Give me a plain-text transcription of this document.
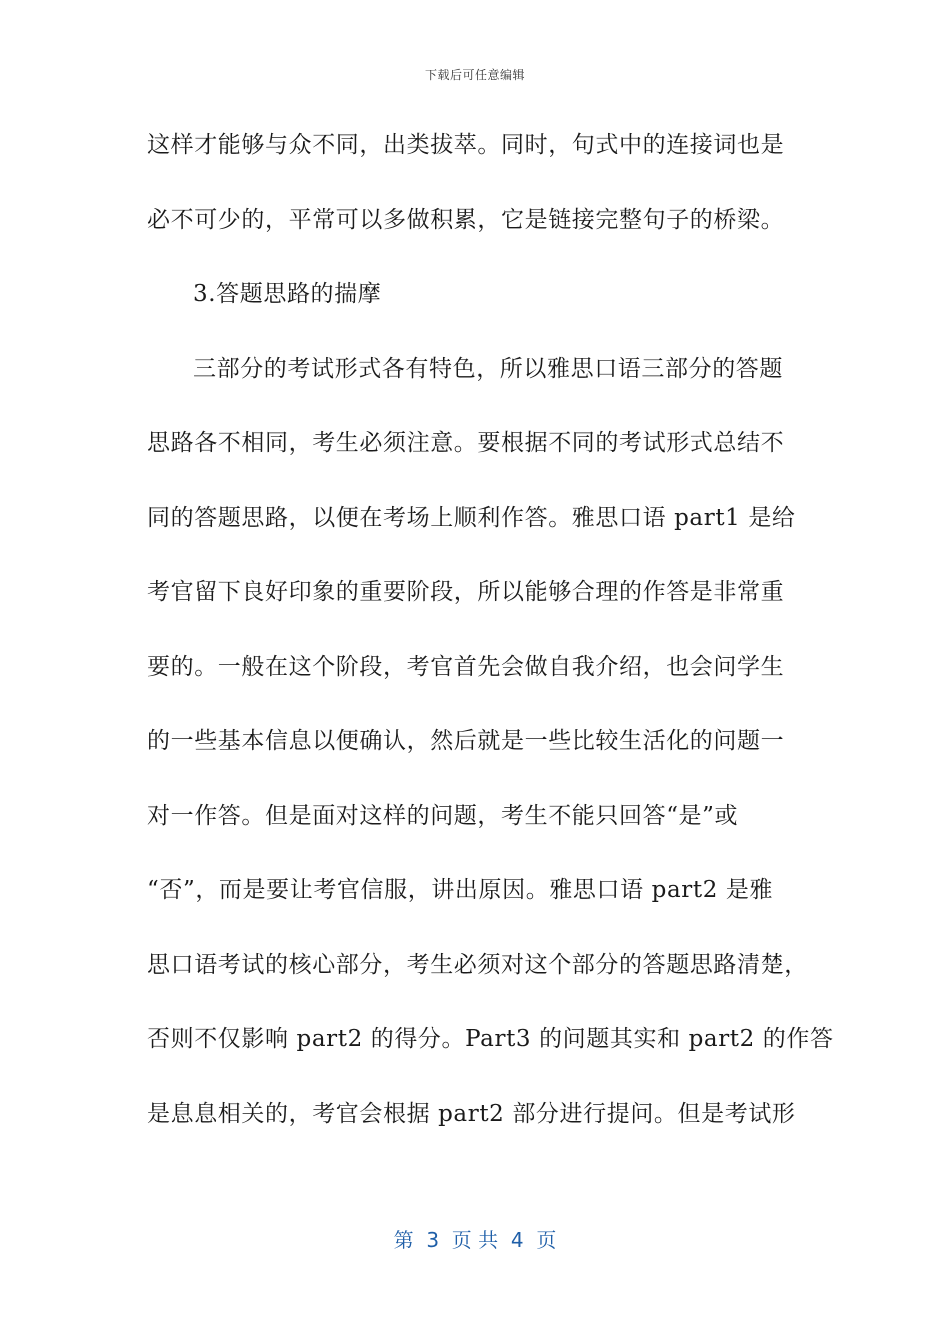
下载后可任意编辑
这样才能够与众不同，出类拔萃。同时，句式中的连接词也是
必不可少的，平常可以多做积累，它是链接完整句子的桥梁。
3.答题思路的揣摩
三部分的考试形式各有特色，所以雅思口语三部分的答题
思路各不相同，考生必须注意。要根据不同的考试形式总结不
同的答题思路，以便在考场上顺利作答。雅思口语 part1 是给
考官留下良好印象的重要阶段，所以能够合理的作答是非常重
要的。一般在这个阶段，考官首先会做自我介绍，也会问学生
的一些基本信息以便确认，然后就是一些比较生活化的问题一
对一作答。但是面对这样的问题，考生不能只回答“是”或
“否”，而是要让考官信服，讲出原因。雅思口语 part2 是雅
思口语考试的核心部分，考生必须对这个部分的答题思路清楚，
否则不仅影响 part2 的得分。Part3 的问题其实和 part2 的作答
是息息相关的，考官会根据 part2 部分进行提问。但是考试形
第  3  页 共  4  页
